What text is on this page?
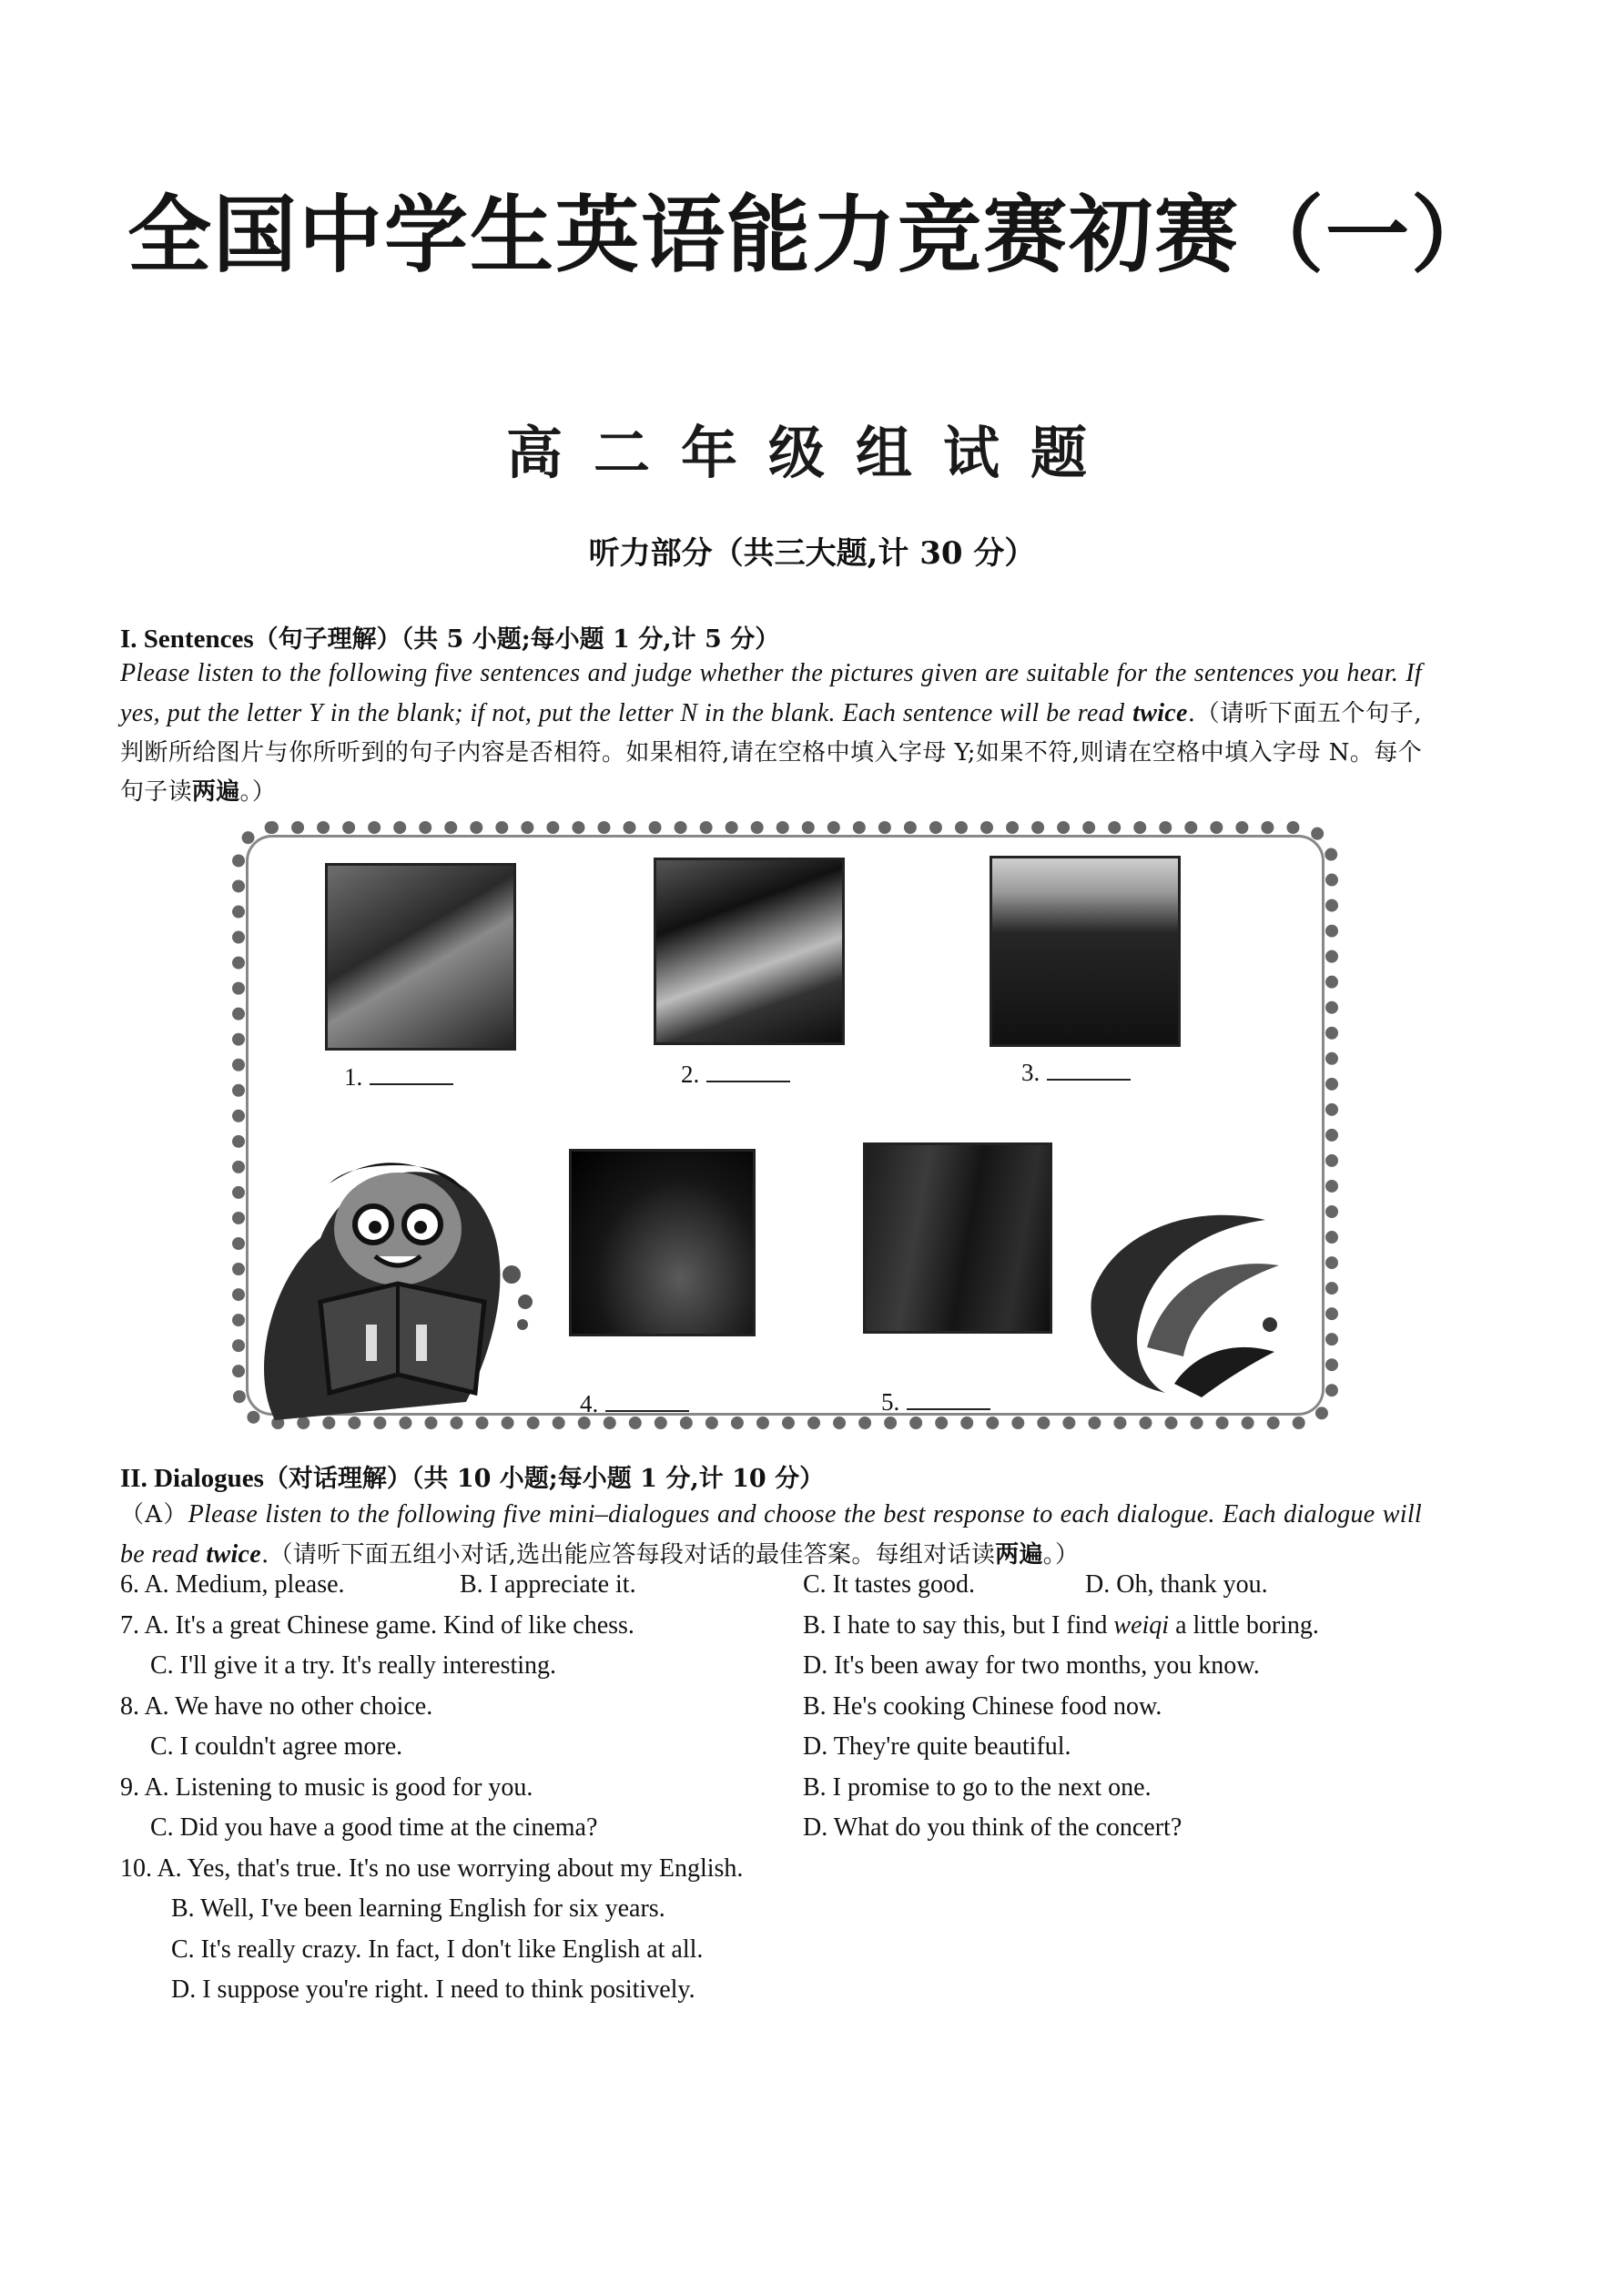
全国中学生英语能力竞赛初赛（一）
高二年级组试题
听力部分（共三大题,计 30 分）
I. Sentences（句子理解）（共 5 小题;每小题 1 分,计 5 分）
Please listen to the following five sentences and judge whether the pictures given are suitable for the sentences you hear. If yes, put the letter Y in the blank; if not, put the letter N in the blank. Each sentence will be read twice.（请听下面五个句子,判断所给图片与你所听到的句子内容是否相符。如果相符,请在空格中填入字母 Y;如果不符,则请在空格中填入字母 N。每个句子读两遍。）
1.	2.	3.
4.	5.
II. Dialogues（对话理解）（共 10 小题;每小题 1 分,计 10 分）
（A）Please listen to the following five mini–dialogues and choose the best response to each dialogue. Each dialogue will be read twice.（请听下面五组小对话,选出能应答每段对话的最佳答案。每组对话读两遍。）
6. A. Medium, please.	B. I appreciate it.	C. It tastes good.	D. Oh, thank you.
7. A. It's a great Chinese game. Kind of like chess.	B. I hate to say this, but I find weiqi a little boring.
C. I'll give it a try. It's really interesting.	D. It's been away for two months, you know.
8. A. We have no other choice.	B. He's cooking Chinese food now.
C. I couldn't agree more.	D. They're quite beautiful.
9. A. Listening to music is good for you.	B. I promise to go to the next one.
C. Did you have a good time at the cinema?	D. What do you think of the concert?
10. A. Yes, that's true. It's no use worrying about my English.
B. Well, I've been learning English for six years.
C. It's really crazy. In fact, I don't like English at all.
D. I suppose you're right. I need to think positively.
